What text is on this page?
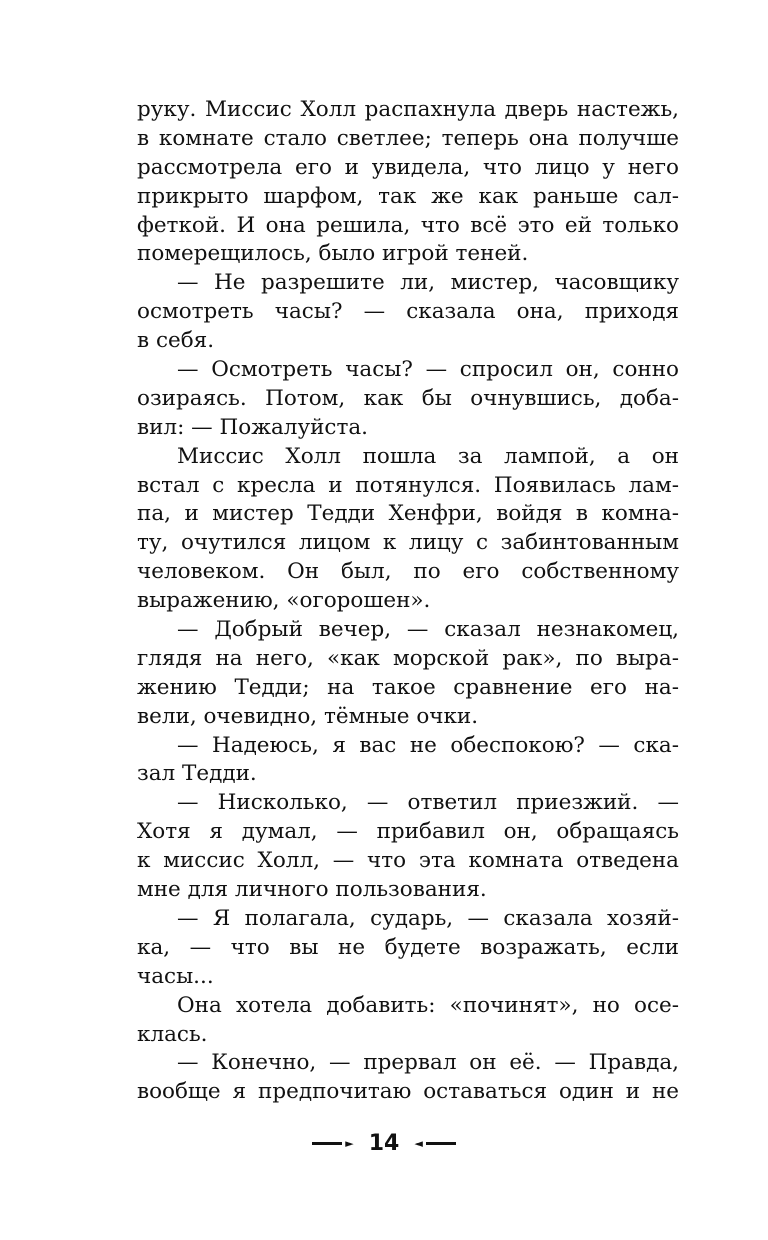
руку. Миссис Холл распахнула дверь настежь,
в комнате стало светлее; теперь она получше
рассмотрела его и увидела, что лицо у него
прикрыто шарфом, так же как раньше сал-
феткой. И она решила, что всё это ей только
померещилось, было игрой теней.
— Не разрешите ли, мистер, часовщику
осмотреть часы? — сказала она, приходя
в себя.
— Осмотреть часы? — спросил он, сонно
озираясь. Потом, как бы очнувшись, доба-
вил: — Пожалуйста.
Миссис Холл пошла за лампой, а он
встал с кресла и потянулся. Появилась лам-
па, и мистер Тедди Хенфри, войдя в комна-
ту, очутился лицом к лицу с забинтованным
человеком. Он был, по его собственному
выражению, «огорошен».
— Добрый вечер, — сказал незнакомец,
глядя на него, «как морской рак», по выра-
жению Тедди; на такое сравнение его на-
вели, очевидно, тёмные очки.
— Надеюсь, я вас не обеспокою? — ска-
зал Тедди.
— Нисколько, — ответил приезжий. —
Хотя я думал, — прибавил он, обращаясь
к миссис Холл, — что эта комната отведена
мне для личного пользования.
— Я полагала, сударь, — сказала хозяй-
ка, — что вы не будете возражать, если
часы...
Она хотела добавить: «починят», но осе-
клась.
— Конечно, — прервал он её. — Правда,
вообще я предпочитаю оставаться один и не
► 14 ◄
